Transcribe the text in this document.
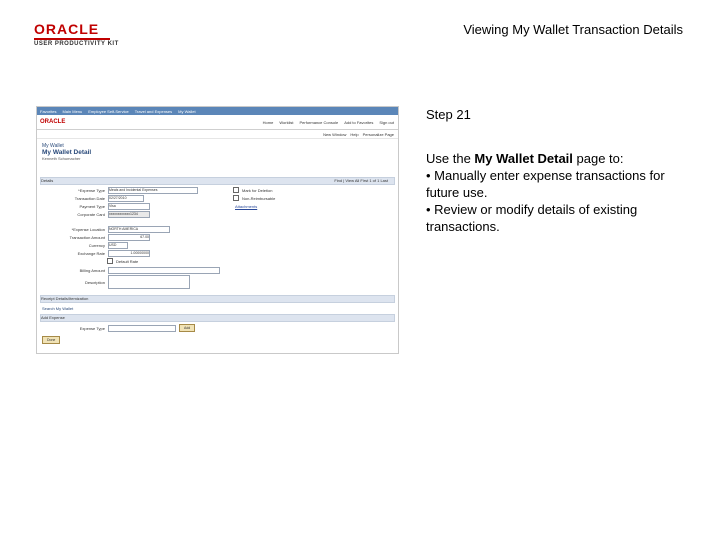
ORACLE
USER PRODUCTIVITY KIT
Viewing My Wallet Transaction Details
Favorites Main Menu Employee Self-Service Travel and Expenses My Wallet
ORACLE	Home Worklist Performance Console Add to Favorites Sign out
New Window Help Personalize Page
My Wallet
My Wallet Detail
Kenneth Schumacher
Details	Find | View All First 1 of 1 Last
*Expense Type Meals and Incidental Expenses	Mark for Deletion
Non-Reimbursable
Attachments
Transaction Date 02/27/2010
Payment Type Visa
Corporate Card xxxxxxxxxxxx1234
*Expense Location NORTH AMERICA
Transaction Amount	67.00
Currency USD
Exchange Rate	1.00000000
Default Rate
Billing Amount
Description
Receipt Details/Itemization
Search My Wallet
Add Expense
Expense Type	Add
Done
Step 21
Use the My Wallet Detail page to:
• Manually enter expense transactions for future use.
• Review or modify details of existing transactions.
